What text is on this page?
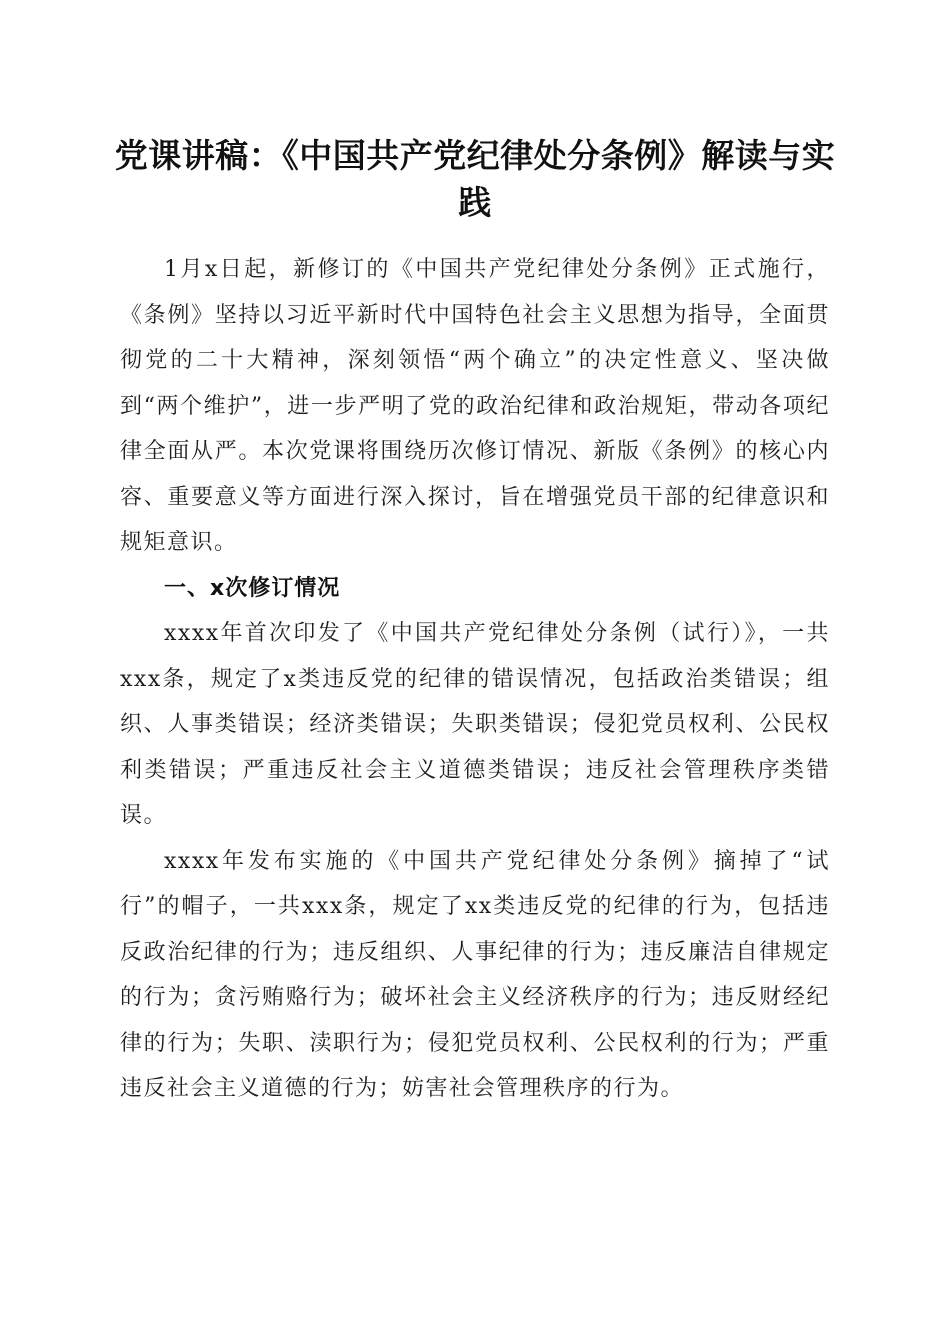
党课讲稿：《中国共产党纪律处分条例》解读与实践

1月x日起，新修订的《中国共产党纪律处分条例》正式施行，《条例》坚持以习近平新时代中国特色社会主义思想为指导，全面贯彻党的二十大精神，深刻领悟“两个确立”的决定性意义、坚决做到“两个维护”，进一步严明了党的政治纪律和政治规矩，带动各项纪律全面从严。本次党课将围绕历次修订情况、新版《条例》的核心内容、重要意义等方面进行深入探讨，旨在增强党员干部的纪律意识和规矩意识。

一、x次修订情况

xxxx年首次印发了《中国共产党纪律处分条例（试行）》，一共xxx条，规定了x类违反党的纪律的错误情况，包括政治类错误；组织、人事类错误；经济类错误；失职类错误；侵犯党员权利、公民权利类错误；严重违反社会主义道德类错误；违反社会管理秩序类错误。

xxxx年发布实施的《中国共产党纪律处分条例》摘掉了“试行”的帽子，一共xxx条，规定了xx类违反党的纪律的行为，包括违反政治纪律的行为；违反组织、人事纪律的行为；违反廉洁自律规定的行为；贪污贿赂行为；破坏社会主义经济秩序的行为；违反财经纪律的行为；失职、渎职行为；侵犯党员权利、公民权利的行为；严重违反社会主义道德的行为；妨害社会管理秩序的行为。
